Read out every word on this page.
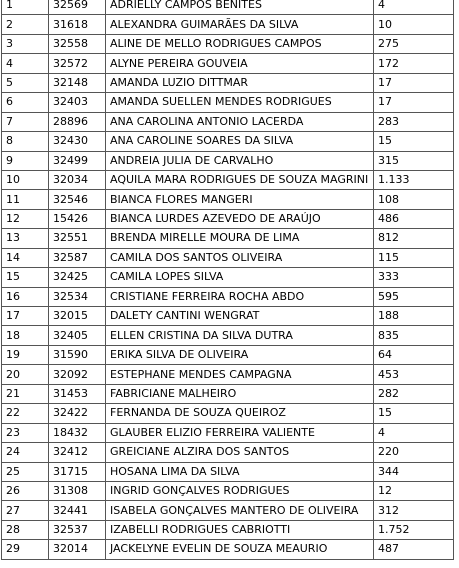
1	32569	ADRIELLY CAMPOS BENITES	4
2	31618	ALEXANDRA GUIMARÃES DA SILVA	10
3	32558	ALINE DE MELLO RODRIGUES CAMPOS	275
4	32572	ALYNE PEREIRA GOUVEIA	172
5	32148	AMANDA LUZIO DITTMAR	17
6	32403	AMANDA SUELLEN MENDES RODRIGUES	17
7	28896	ANA CAROLINA ANTONIO LACERDA	283
8	32430	ANA CAROLINE SOARES DA SILVA	15
9	32499	ANDREIA JULIA DE CARVALHO	315
10	32034	AQUILA MARA RODRIGUES DE SOUZA MAGRINI	1.133
11	32546	BIANCA FLORES MANGERI	108
12	15426	BIANCA LURDES AZEVEDO DE ARAÚJO	486
13	32551	BRENDA MIRELLE MOURA DE LIMA	812
14	32587	CAMILA DOS SANTOS OLIVEIRA	115
15	32425	CAMILA LOPES SILVA	333
16	32534	CRISTIANE FERREIRA ROCHA ABDO	595
17	32015	DALETY CANTINI WENGRAT	188
18	32405	ELLEN CRISTINA DA SILVA DUTRA	835
19	31590	ERIKA SILVA DE OLIVEIRA	64
20	32092	ESTEPHANE MENDES CAMPAGNA	453
21	31453	FABRICIANE MALHEIRO	282
22	32422	FERNANDA DE SOUZA QUEIROZ	15
23	18432	GLAUBER ELIZIO FERREIRA VALIENTE	4
24	32412	GREICIANE ALZIRA DOS SANTOS	220
25	31715	HOSANA LIMA DA SILVA	344
26	31308	INGRID GONÇALVES RODRIGUES	12
27	32441	ISABELA GONÇALVES MANTERO DE OLIVEIRA	312
28	32537	IZABELLI RODRIGUES CABRIOTTI	1.752
29	32014	JACKELYNE EVELIN DE SOUZA MEAURIO	487
